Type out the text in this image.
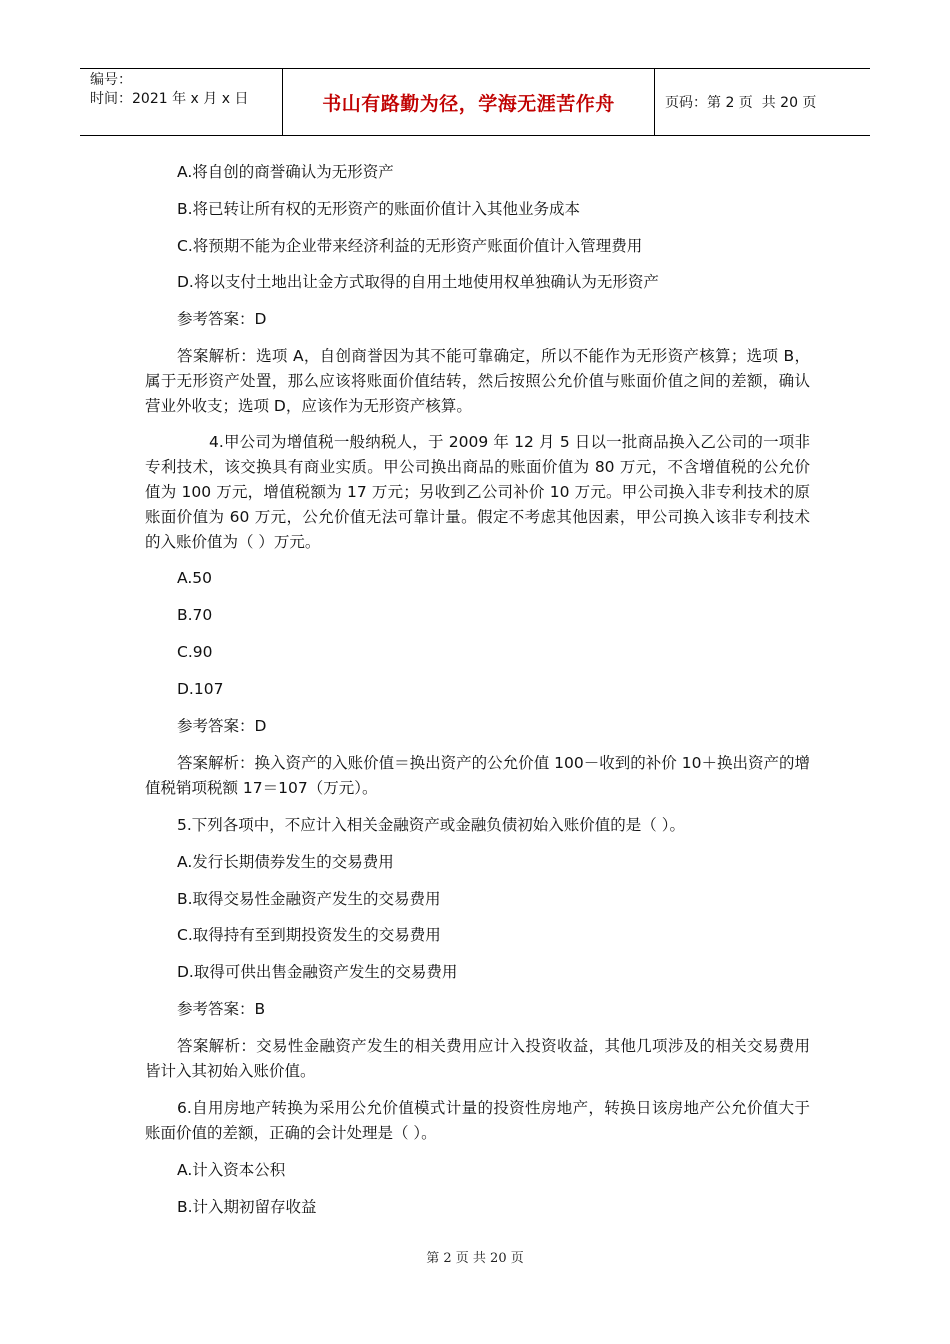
编号：
时间：2021 年 x 月 x 日	书山有路勤为径，学海无涯苦作舟	页码：第 2 页  共 20 页
A.将自创的商誉确认为无形资产
B.将已转让所有权的无形资产的账面价值计入其他业务成本
C.将预期不能为企业带来经济利益的无形资产账面价值计入管理费用
D.将以支付土地出让金方式取得的自用土地使用权单独确认为无形资产
参考答案：D
答案解析：选项 A，自创商誉因为其不能可靠确定，所以不能作为无形资产核算；选项 B，属于无形资产处置，那么应该将账面价值结转，然后按照公允价值与账面价值之间的差额，确认营业外收支；选项 D，应该作为无形资产核算。
4.甲公司为增值税一般纳税人，于 2009 年 12 月 5 日以一批商品换入乙公司的一项非专利技术，该交换具有商业实质。甲公司换出商品的账面价值为 80 万元，不含增值税的公允价值为 100 万元，增值税额为 17 万元；另收到乙公司补价 10 万元。甲公司换入非专利技术的原账面价值为 60 万元，公允价值无法可靠计量。假定不考虑其他因素，甲公司换入该非专利技术的入账价值为（ ）万元。
A.50
B.70
C.90
D.107
参考答案：D
答案解析：换入资产的入账价值＝换出资产的公允价值 100－收到的补价 10＋换出资产的增值税销项税额 17＝107（万元）。
5.下列各项中，不应计入相关金融资产或金融负债初始入账价值的是（ ）。
A.发行长期债券发生的交易费用
B.取得交易性金融资产发生的交易费用
C.取得持有至到期投资发生的交易费用
D.取得可供出售金融资产发生的交易费用
参考答案：B
答案解析：交易性金融资产发生的相关费用应计入投资收益，其他几项涉及的相关交易费用皆计入其初始入账价值。
6.自用房地产转换为采用公允价值模式计量的投资性房地产，转换日该房地产公允价值大于账面价值的差额，正确的会计处理是（ ）。
A.计入资本公积
B.计入期初留存收益
第 2 页 共 20 页
